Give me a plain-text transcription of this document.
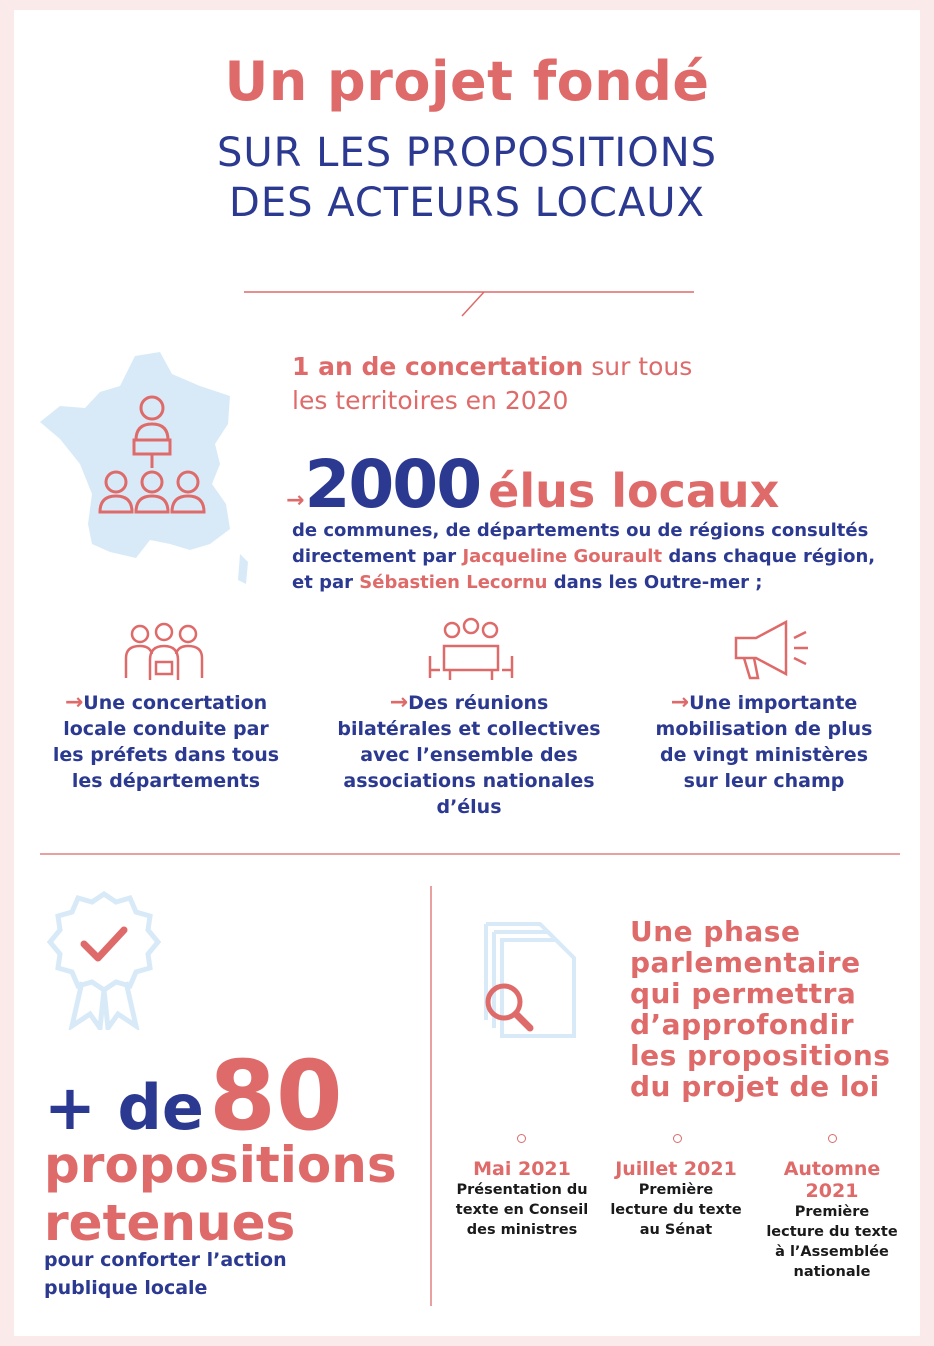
Un projet fondé
SUR LES PROPOSITIONS
DES ACTEURS LOCAUX
1 an de concertation sur tous
les territoires en 2020
→2000 élus locaux
de communes, de départements ou de régions consultés
directement par Jacqueline Gourault dans chaque région,
et par Sébastien Lecornu dans les Outre-mer ;
→Une concertation
locale conduite par
les préfets dans tous
les départements
→Des réunions
bilatérales et collectives
avec l’ensemble des
associations nationales
d’élus
→Une importante
mobilisation de plus
de vingt ministères
sur leur champ
+ de 80
propositions
retenues
pour conforter l’action
publique locale
Une phase
parlementaire
qui permettra
d’approfondir
les propositions
du projet de loi
Mai 2021
Présentation du
texte en Conseil
des ministres
Juillet 2021
Première
lecture du texte
au Sénat
Automne
2021
Première
lecture du texte
à l’Assemblée
nationale
